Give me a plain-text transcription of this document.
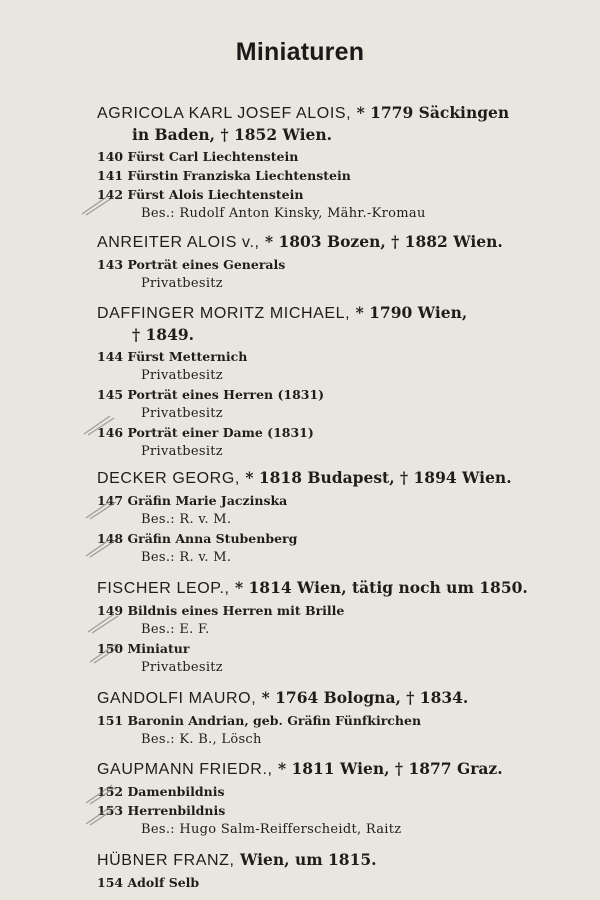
Miniaturen

AGRICOLA KARL JOSEF ALOIS, * 1779 Säckingen
in Baden, † 1852 Wien.

140 Fürst Carl Liechtenstein

141 Fürstin Franziska Liechtenstein

142 Fürst Alois Liechtenstein

Bes.: Rudolf Anton Kinsky, Mähr.-Kromau

ANREITER ALOIS v., * 1803 Bozen, † 1882 Wien.

143 Porträt eines Generals

Privatbesitz

DAFFINGER MORITZ MICHAEL, * 1790 Wien,
† 1849.

144 Fürst Metternich

Privatbesitz

145 Porträt eines Herren (1831)

Privatbesitz

146 Porträt einer Dame (1831)

Privatbesitz

DECKER GEORG, * 1818 Budapest, † 1894 Wien.

147 Gräfin Marie Jaczinska

Bes.: R. v. M.

148 Gräfin Anna Stubenberg

Bes.: R. v. M.

FISCHER LEOP., * 1814 Wien, tätig noch um 1850.

149 Bildnis eines Herren mit Brille

Bes.: E. F.

150 Miniatur

Privatbesitz

GANDOLFI MAURO, * 1764 Bologna, † 1834.

151 Baronin Andrian, geb. Gräfin Fünfkirchen

Bes.: K. B., Lösch

GAUPMANN FRIEDR., * 1811 Wien, † 1877 Graz.

152 Damenbildnis

153 Herrenbildnis

Bes.: Hugo Salm-Reifferscheidt, Raitz

HÜBNER FRANZ, Wien, um 1815.

154 Adolf Selb
